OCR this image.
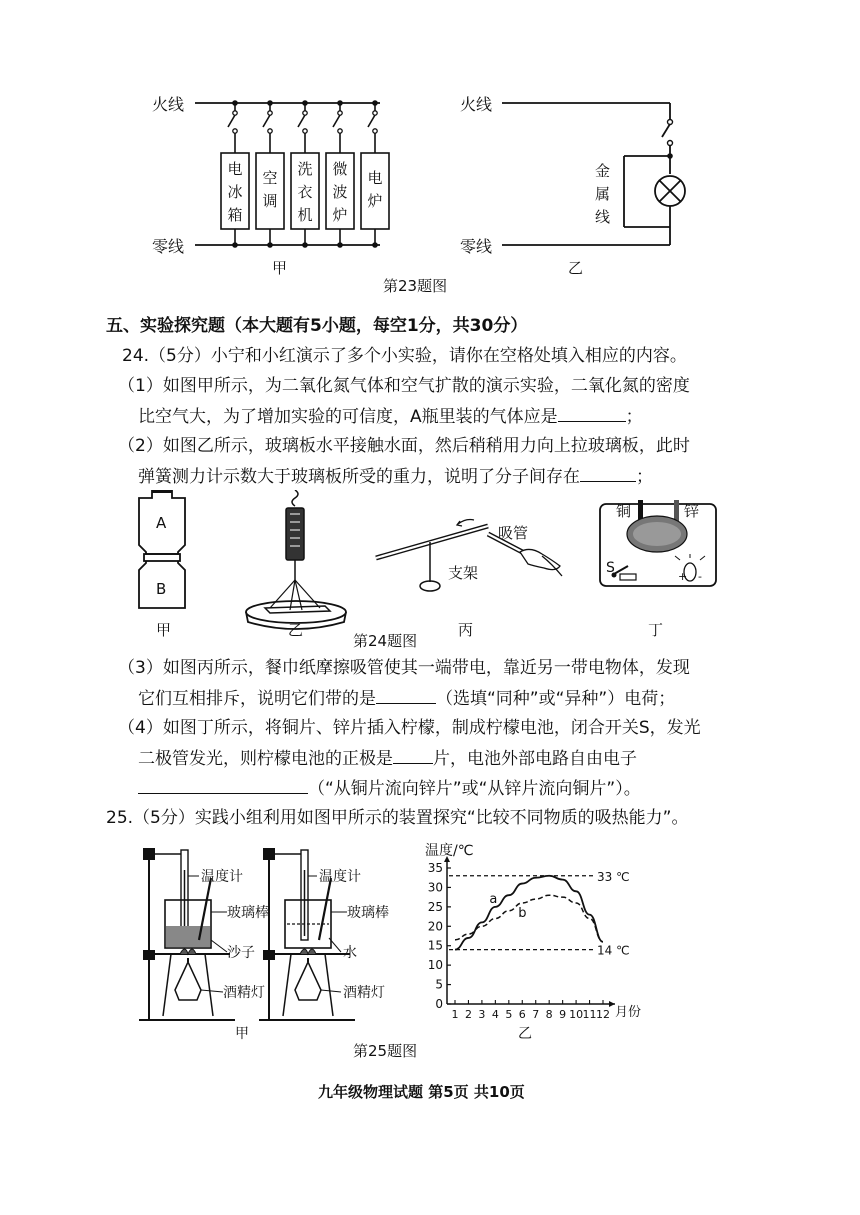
火线
零线
电冰箱
空调
洗衣机
微波炉
电炉
甲
火线
零线
金 属 线
乙
第23题图
五、实验探究题（本大题有5小题，每空1分，共30分）
24.（5分）小宁和小红演示了多个小实验，请你在空格处填入相应的内容。
（1）如图甲所示，为二氧化氮气体和空气扩散的演示实验，二氧化氮的密度
比空气大，为了增加实验的可信度，A瓶里装的气体应是	；
（2）如图乙所示，玻璃板水平接触水面，然后稍稍用力向上拉玻璃板，此时
弹簧测力计示数大于玻璃板所受的重力，说明了分子间存在	；
A
B
甲	乙
吸管
支架
丙
+ -
铜	锌
S
丁
第24题图
（3）如图丙所示，餐巾纸摩擦吸管使其一端带电，靠近另一带电物体，发现
它们互相排斥，说明它们带的是	（选填“同种”或“异种”）电荷；
（4）如图丁所示，将铜片、锌片插入柠檬，制成柠檬电池，闭合开关S，发光
二极管发光，则柠檬电池的正极是 片，电池外部电路自由电子
（“从铜片流向锌片”或“从锌片流向铜片”）。
25.（5分）实践小组利用如图甲所示的装置探究“比较不同物质的吸热能力”。
温度计
玻璃棒
沙子
酒精灯
温度计
玻璃棒
水
酒精灯
甲
0
5
10
15
20
25
30
35
1 2 3 4 5 6 7 8 9 10 11 12
温度/℃
月份
33 ℃
14 ℃
a
b
乙
第25题图
九年级物理试题 第5页 共10页
